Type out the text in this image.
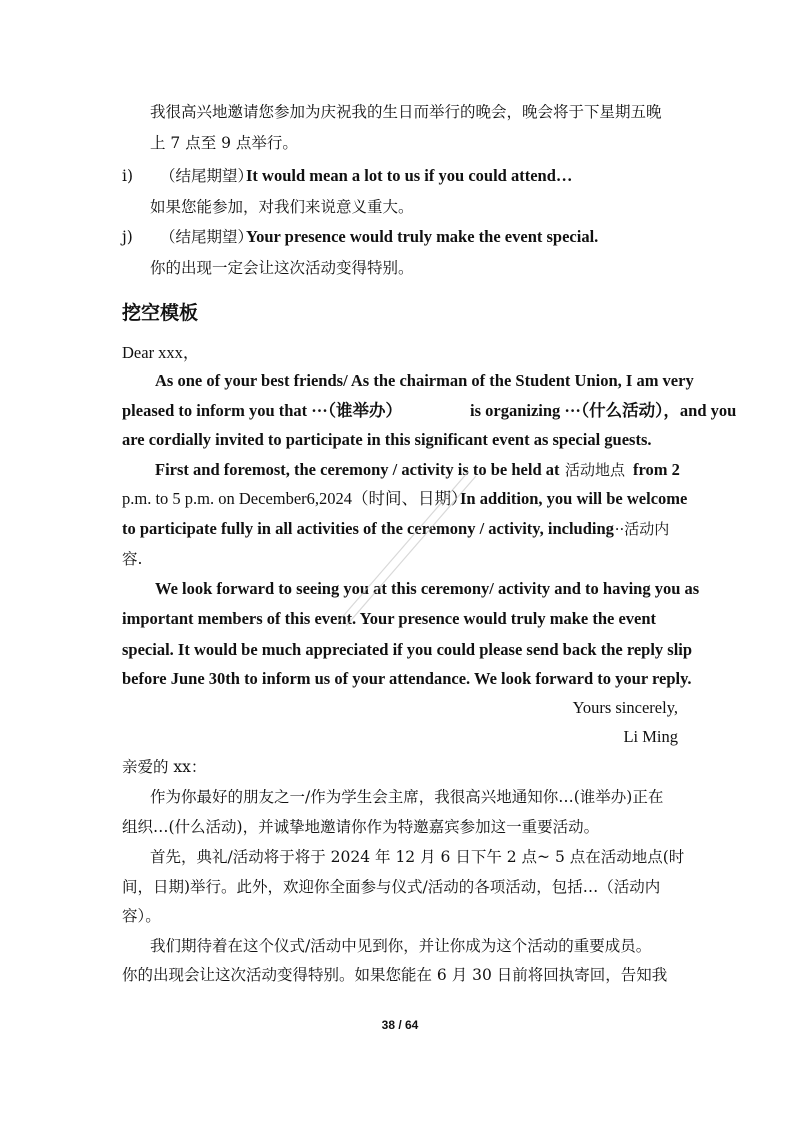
我很高兴地邀请您参加为庆祝我的生日而举行的晚会，晚会将于下星期五晚
上 7 点至 9 点举行。
i) （结尾期望）
It would mean a lot to us if you could attend…
如果您能参加，对我们来说意义重大。
j) （结尾期望）
Your presence would truly make the event special.
你的出现一定会让这次活动变得特别。
挖空模板
Dear xxx，
As one of your best friends/ As the chairman of the Student Union, I am very
pleased to inform you that ···（谁举办）	is organizing ···（什么活动），and you
are cordially invited to participate in this significant event as special guests.
First and foremost, the ceremony / activity is to be held at 活动地点 from 2
p.m. to 5 p.m. on December6,2024（时间、日期）.
In addition, you will be welcome
to participate fully in all activities of the ceremony / activity, including
···活动内
容.
We look forward to seeing you at this ceremony/ activity and to having you as
important members of this event. Your presence would truly make the event
special. It would be much appreciated if you could please send back the reply slip
before June 30th to inform us of your attendance. We look forward to your reply.
Yours sincerely,
Li Ming
亲爱的 xx：
作为你最好的朋友之一/作为学生会主席，我很高兴地通知你…(谁举办)正在
组织…(什么活动)，并诚挚地邀请你作为特邀嘉宾参加这一重要活动。
首先，典礼/活动将于将于 2024 年 12 月 6 日下午 2 点~ 5 点在活动地点(时
间，日期)举行。此外，欢迎你全面参与仪式/活动的各项活动，包括…（活动内
容）。
我们期待着在这个仪式/活动中见到你，并让你成为这个活动的重要成员。
你的出现会让这次活动变得特别。如果您能在 6 月 30 日前将回执寄回，告知我
38 / 64
